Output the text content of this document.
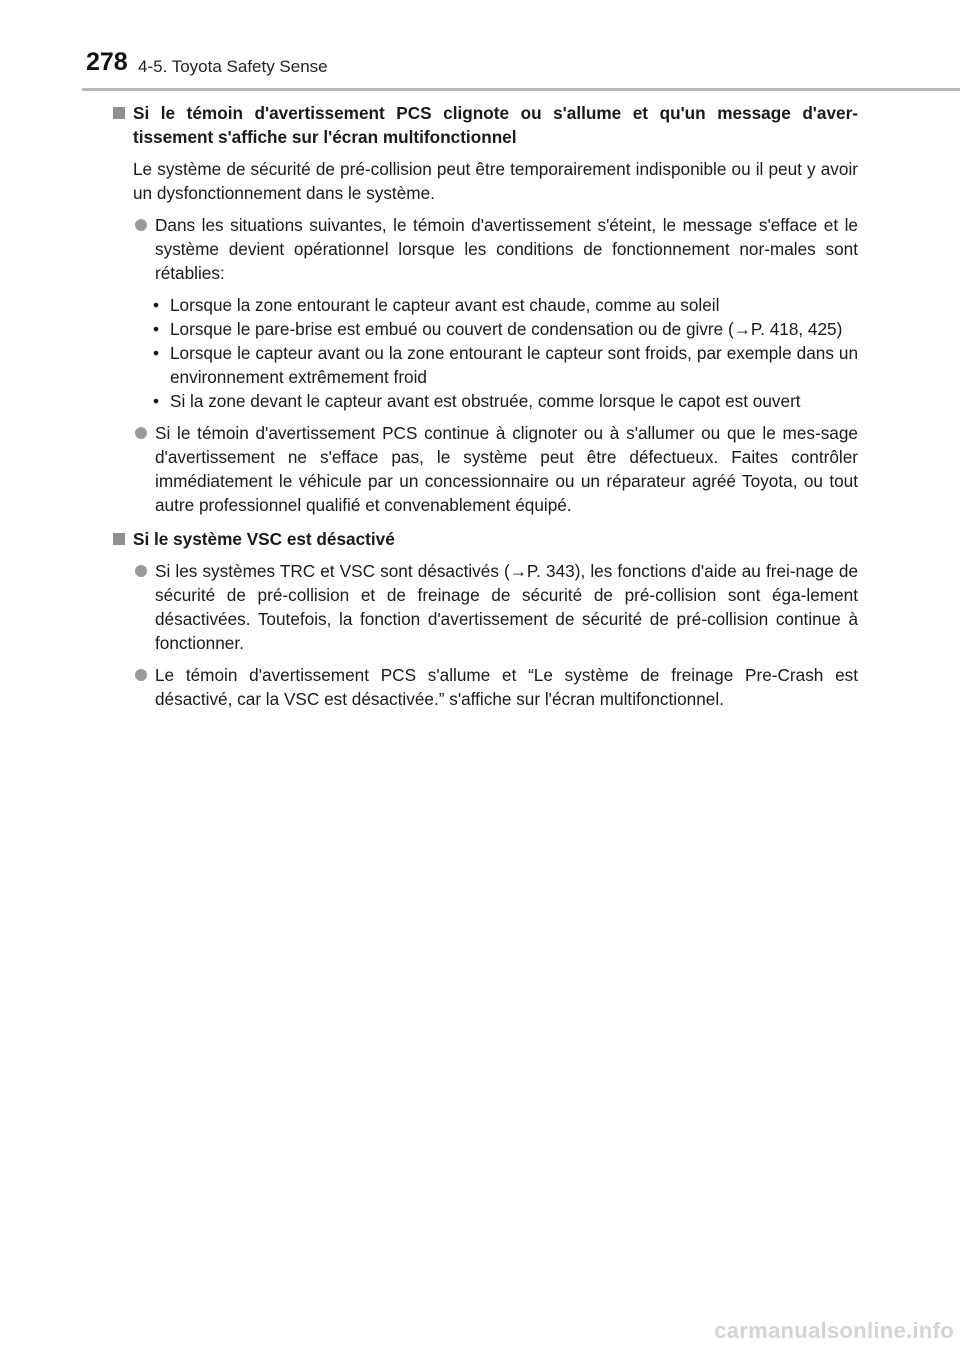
278 4-5. Toyota Safety Sense
Si le témoin d'avertissement PCS clignote ou s'allume et qu'un message d'aver-tissement s'affiche sur l'écran multifonctionnel

Le système de sécurité de pré-collision peut être temporairement indisponible ou il peut y avoir un dysfonctionnement dans le système.

Dans les situations suivantes, le témoin d'avertissement s'éteint, le message s'efface et le système devient opérationnel lorsque les conditions de fonctionnement nor-males sont rétablies:
• Lorsque la zone entourant le capteur avant est chaude, comme au soleil
• Lorsque le pare-brise est embué ou couvert de condensation ou de givre (→P. 418, 425)
• Lorsque le capteur avant ou la zone entourant le capteur sont froids, par exemple dans un environnement extrêmement froid
• Si la zone devant le capteur avant est obstruée, comme lorsque le capot est ouvert
Si le témoin d'avertissement PCS continue à clignoter ou à s'allumer ou que le mes-sage d'avertissement ne s'efface pas, le système peut être défectueux. Faites contrôler immédiatement le véhicule par un concessionnaire ou un réparateur agréé Toyota, ou tout autre professionnel qualifié et convenablement équipé.
Si le système VSC est désactivé
Si les systèmes TRC et VSC sont désactivés (→P. 343), les fonctions d'aide au frei-nage de sécurité de pré-collision et de freinage de sécurité de pré-collision sont éga-lement désactivées. Toutefois, la fonction d'avertissement de sécurité de pré-collision continue à fonctionner.
Le témoin d'avertissement PCS s'allume et “Le système de freinage Pre-Crash est désactivé, car la VSC est désactivée.” s'affiche sur l'écran multifonctionnel.
carmanualsonline.info
